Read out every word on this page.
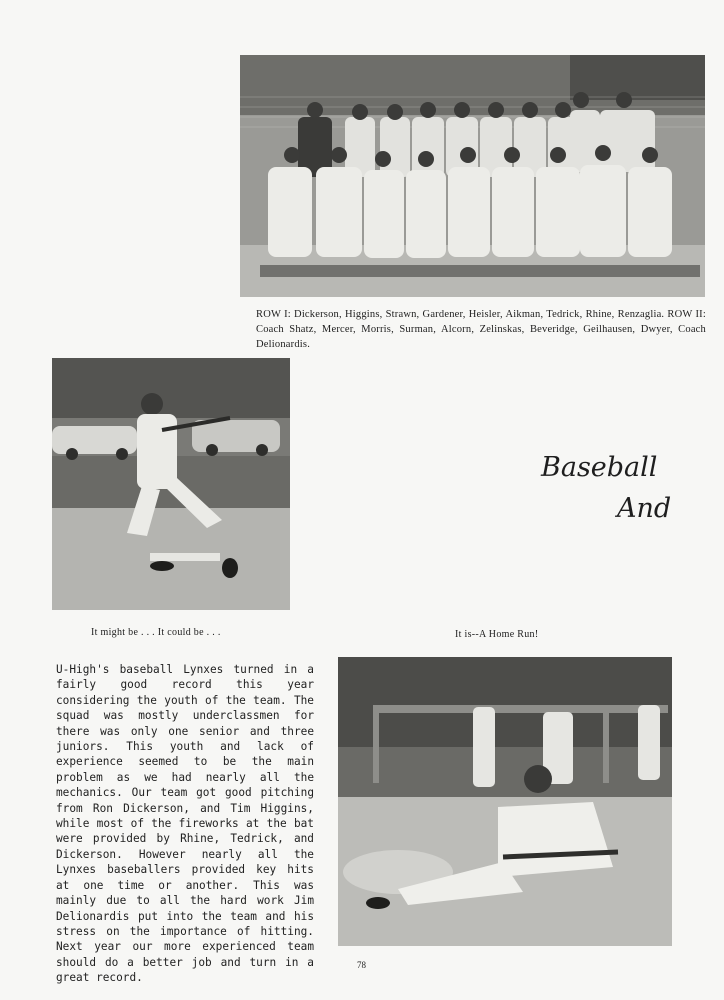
ROW I: Dickerson, Higgins, Strawn, Gardener, Heisler, Aikman, Tedrick, Rhine, Renzaglia. ROW II: Coach Shatz, Mercer, Morris, Surman, Alcorn, Zelinskas, Beveridge, Geilhausen, Dwyer, Coach Delionardis.
It might be . . . It could be . . .
Baseball
And
It is--A Home Run!
U-High's baseball Lynxes turned in a fairly good record this year considering the youth of the team. The squad was mostly underclassmen for there was only one senior and three juniors. This youth and lack of experience seemed to be the main problem as we had nearly all the mechanics. Our team got good pitching from Ron Dickerson, and Tim Higgins, while most of the fireworks at the bat were provided by Rhine, Tedrick, and Dickerson. However nearly all the Lynxes baseballers provided key hits at one time or another. This was mainly due to all the hard work Jim Delionardis put into the team and his stress on the importance of hitting. Next year our more experienced team should do a better job and turn in a great record.
78
